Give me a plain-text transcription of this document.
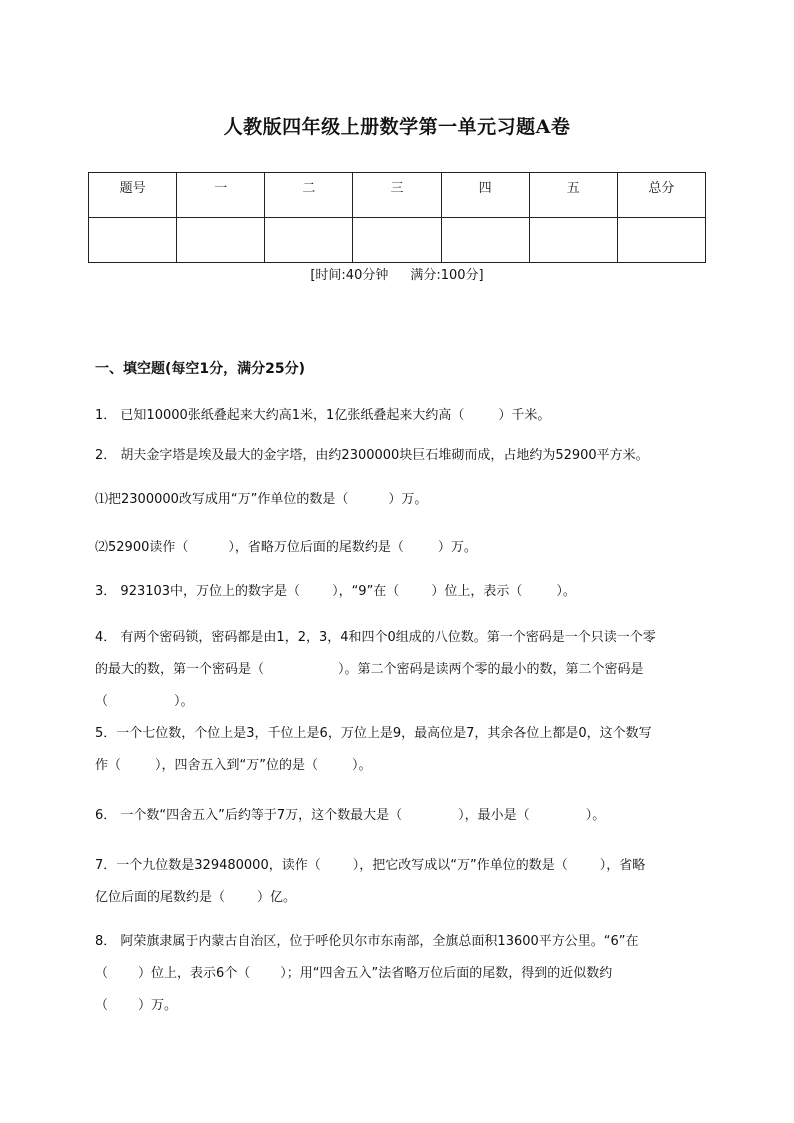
人教版四年级上册数学第一单元习题A卷
题号	一	二	三	四	五	总分

[时间:40分钟 满分:100分]
一、填空题(每空1分，满分25分)
1． 已知10000张纸叠起来大约高1米，1亿张纸叠起来大约高（	）千米。
2． 胡夫金字塔是埃及最大的金字塔，由约2300000块巨石堆砌而成，占地约为52900平方米。
⑴把2300000改写成用“万”作单位的数是（	）万。
⑵52900读作（	），省略万位后面的尾数约是（	）万。
3． 923103中，万位上的数字是（ ），“9”在（ ）位上，表示（	）。
4． 有两个密码锁，密码都是由1，2，3，4和四个0组成的八位数。第一个密码是一个只读一个零
的最大的数，第一个密码是（	）。第二个密码是读两个零的最小的数，第二个密码是
（	）。
5．一个七位数，个位上是3，千位上是6，万位上是9，最高位是7，其余各位上都是0，这个数写
作（	），四舍五入到“万”位的是（	）。
6． 一个数“四舍五入”后约等于7万，这个数最大是（	），最小是（	）。
7．一个九位数是329480000，读作（ ），把它改写成以“万”作单位的数是（ ），省略
亿位后面的尾数约是（ ）亿。
8． 阿荣旗隶属于内蒙古自治区，位于呼伦贝尔市东南部，全旗总面积13600平方公里。“6”在
（ ）位上，表示6个（ ）；用“四舍五入”法省略万位后面的尾数，得到的近似数约
（ ）万。
